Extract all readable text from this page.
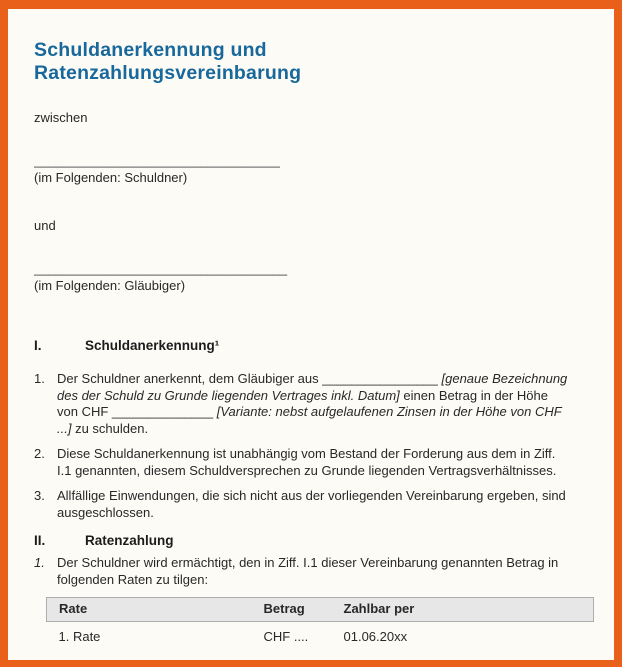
Schuldanerkennung und
Ratenzahlungsvereinbarung

zwischen

__________________________________

(im Folgenden: Schuldner)

und

___________________________________

(im Folgenden: Gläubiger)

I.	Schuldanerkennung¹
1. Der Schuldner anerkennt, dem Gläubiger aus ________________ [genaue Bezeichnung des der Schuld zu Grunde liegenden Vertrages inkl. Datum] einen Betrag in der Höhe von CHF ______________ [Variante: nebst aufgelaufenen Zinsen in der Höhe von CHF ...] zu schulden.
2. Diese Schuldanerkennung ist unabhängig vom Bestand der Forderung aus dem in Ziff. I.1 genannten, diesem Schuldversprechen zu Grunde liegenden Vertragsverhältnisses.
3. Allfällige Einwendungen, die sich nicht aus der vorliegenden Vereinbarung ergeben, sind ausgeschlossen.
II.	Ratenzahlung
1. Der Schuldner wird ermächtigt, den in Ziff. I.1 dieser Vereinbarung genannten Betrag in folgenden Raten zu tilgen:
Rate	Betrag	Zahlbar per
1. Rate	CHF ....	01.06.20xx
